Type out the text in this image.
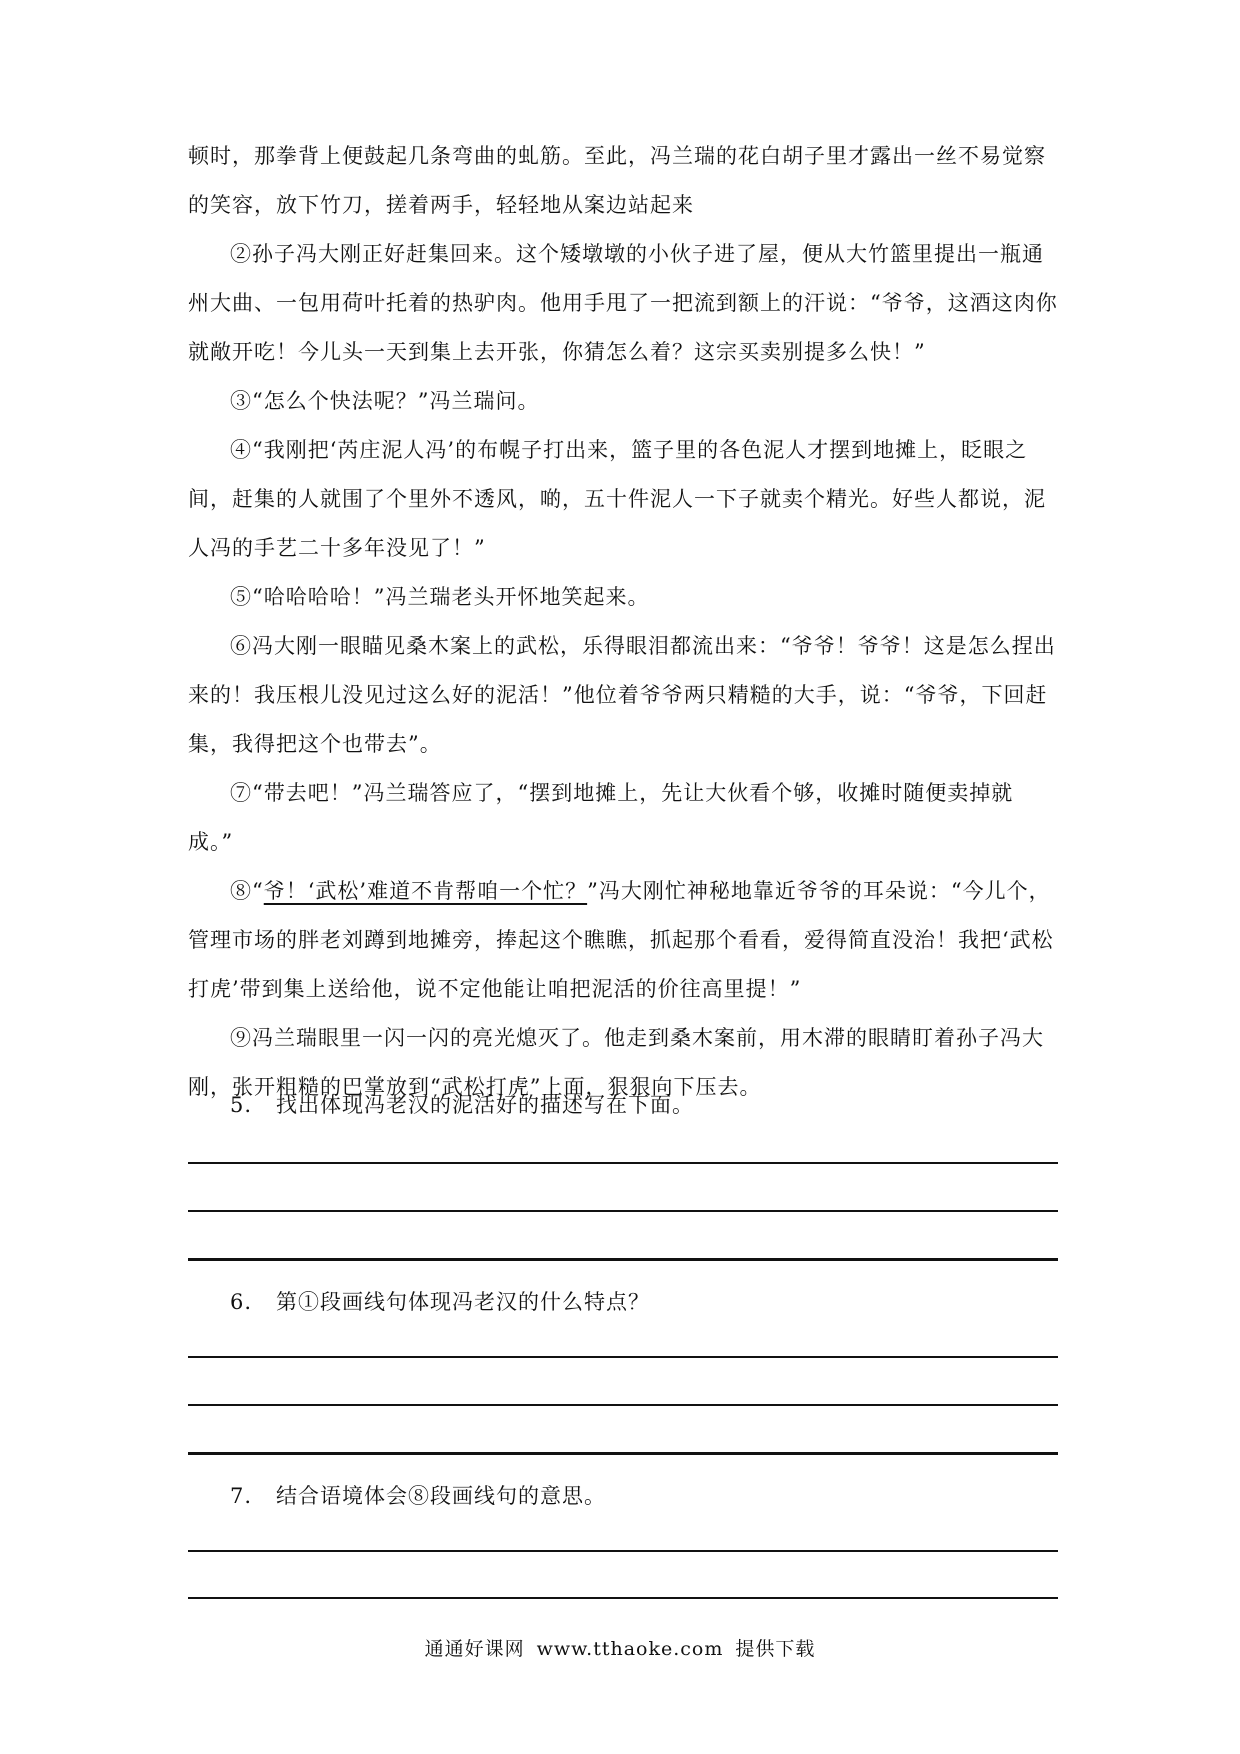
顿时，那拳背上便鼓起几条弯曲的虬筋。至此，冯兰瑞的花白胡子里才露出一丝不易觉察的笑容，放下竹刀，搓着两手，轻轻地从案边站起来

②孙子冯大刚正好赶集回来。这个矮墩墩的小伙子进了屋，便从大竹篮里提出一瓶通州大曲、一包用荷叶托着的热驴肉。他用手甩了一把流到额上的汗说：“爷爷，这酒这肉你就敞开吃！今儿头一天到集上去开张，你猜怎么着？这宗买卖别提多么快！”

③“怎么个快法呢？”冯兰瑞问。

④“我刚把‘芮庄泥人冯’的布幌子打出来，篮子里的各色泥人才摆到地摊上，眨眼之间，赶集的人就围了个里外不透风，啲，五十件泥人一下子就卖个精光。好些人都说，泥人冯的手艺二十多年没见了！”

⑤“哈哈哈哈！”冯兰瑞老头开怀地笑起来。

⑥冯大刚一眼瞄见桑木案上的武松，乐得眼泪都流出来：“爷爷！爷爷！这是怎么捏出来的！我压根儿没见过这么好的泥活！”他位着爷爷两只精糙的大手，说：“爷爷，下回赶集，我得把这个也带去”。

⑦“带去吧！”冯兰瑞答应了，“摆到地摊上，先让大伙看个够，收摊时随便卖掉就成。”

⑧“爷！‘武松’难道不肯帮咱一个忙？”冯大刚忙神秘地靠近爷爷的耳朵说：“今儿个，管理市场的胖老刘蹲到地摊旁，捧起这个瞧瞧，抓起那个看看，爱得简直没治！我把‘武松打虎’带到集上送给他，说不定他能让咱把泥活的价往高里提！”

⑨冯兰瑞眼里一闪一闪的亮光熄灭了。他走到桑木案前，用木滞的眼睛盯着孙子冯大刚，张开粗糙的巴掌放到“武松打虎”上面，狠狠向下压去。

5. 找出体现冯老汉的泥活好的描述写在下面。
6. 第①段画线句体现冯老汉的什么特点？
7. 结合语境体会⑧段画线句的意思。
通通好课网 www.tthaoke.com 提供下载
